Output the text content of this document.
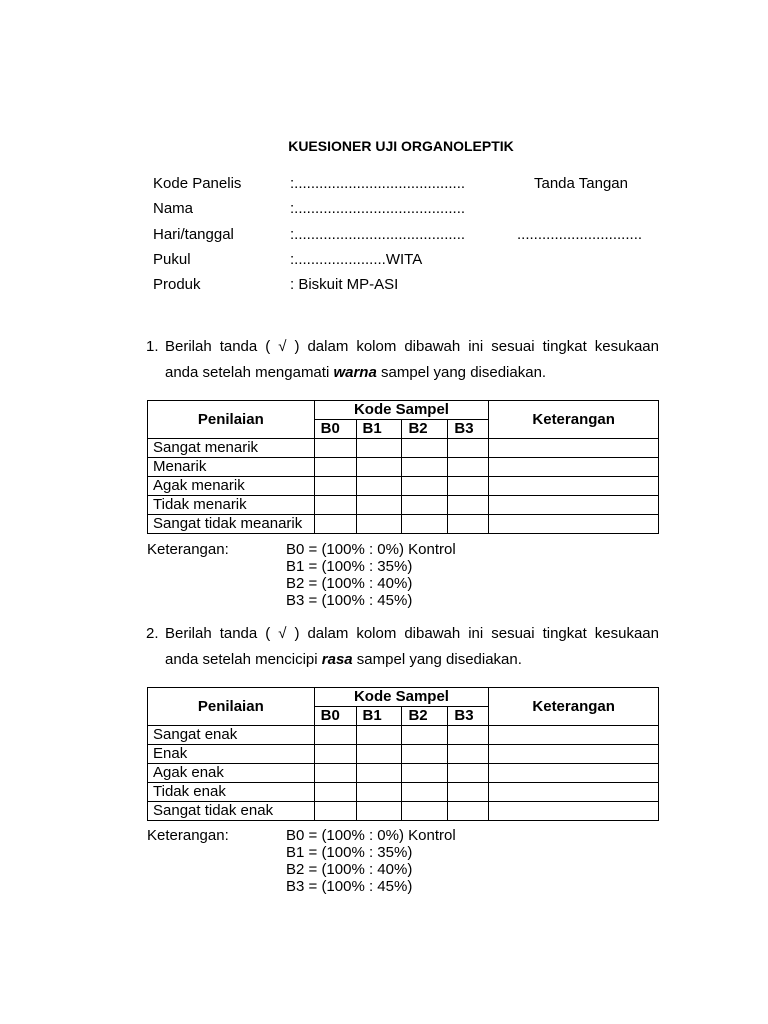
KUESIONER UJI ORGANOLEPTIK
Kode Panelis	:.........................................	Tanda Tangan
Nama	:.........................................
Hari/tanggal	:.........................................	..............................
Pukul	:......................WITA
Produk	: Biskuit MP-ASI
1. Berilah tanda ( √ ) dalam kolom dibawah ini sesuai tingkat kesukaan
anda setelah mengamati warna sampel yang disediakan.
Penilaian	Kode Sampel				Keterangan
	B0	B1	B2	B3	
Sangat menarik					
Menarik					
Agak menarik					
Tidak menarik					
Sangat tidak meanarik					
Keterangan:	B0 = (100% : 0%) Kontrol
B1 = (100% : 35%)
B2 = (100% : 40%)
B3 = (100% : 45%)
2. Berilah tanda ( √ ) dalam kolom dibawah ini sesuai tingkat kesukaan
anda setelah mencicipi rasa sampel yang disediakan.
Penilaian	Kode Sampel				Keterangan
	B0	B1	B2	B3	
Sangat enak					
Enak					
Agak enak					
Tidak enak					
Sangat tidak enak					
Keterangan:	B0 = (100% : 0%) Kontrol
B1 = (100% : 35%)
B2 = (100% : 40%)
B3 = (100% : 45%)
